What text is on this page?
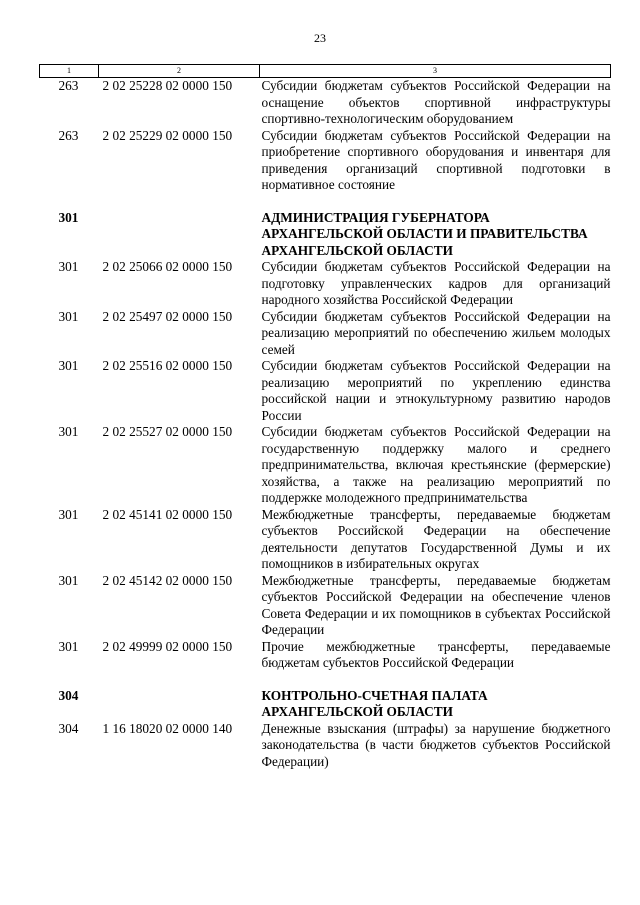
23
1	2	3
263	2 02 25228 02 0000 150	Субсидии бюджетам субъектов Российской Федерации на оснащение объектов спортивной инфраструктуры спортивно-технологическим оборудованием
263	2 02 25229 02 0000 150	Субсидии бюджетам субъектов Российской Федерации на приобретение спортивного оборудования и инвентаря для приведения организаций спортивной подготовки в нормативное состояние

301		АДМИНИСТРАЦИЯ ГУБЕРНАТОРА АРХАНГЕЛЬСКОЙ ОБЛАСТИ И ПРАВИТЕЛЬСТВА АРХАНГЕЛЬСКОЙ ОБЛАСТИ
301	2 02 25066 02 0000 150	Субсидии бюджетам субъектов Российской Федерации на подготовку управленческих кадров для организаций народного хозяйства Российской Федерации
301	2 02 25497 02 0000 150	Субсидии бюджетам субъектов Российской Федерации на реализацию мероприятий по обеспечению жильем молодых семей
301	2 02 25516 02 0000 150	Субсидии бюджетам субъектов Российской Федерации на реализацию мероприятий по укреплению единства российской нации и этнокультурному развитию народов России
301	2 02 25527 02 0000 150	Субсидии бюджетам субъектов Российской Федерации на государственную поддержку малого и среднего предпринимательства, включая крестьянские (фермерские) хозяйства, а также на реализацию мероприятий по поддержке молодежного предпринимательства
301	2 02 45141 02 0000 150	Межбюджетные трансферты, передаваемые бюджетам субъектов Российской Федерации на обеспечение деятельности депутатов Государственной Думы и их помощников в избирательных округах
301	2 02 45142 02 0000 150	Межбюджетные трансферты, передаваемые бюджетам субъектов Российской Федерации на обеспечение членов Совета Федерации и их помощников в субъектах Российской Федерации
301	2 02 49999 02 0000 150	Прочие межбюджетные трансферты, передаваемые бюджетам субъектов Российской Федерации

304		КОНТРОЛЬНО-СЧЕТНАЯ ПАЛАТА АРХАНГЕЛЬСКОЙ ОБЛАСТИ
304	1 16 18020 02 0000 140	Денежные взыскания (штрафы) за нарушение бюджетного законодательства (в части бюджетов субъектов Российской Федерации)
